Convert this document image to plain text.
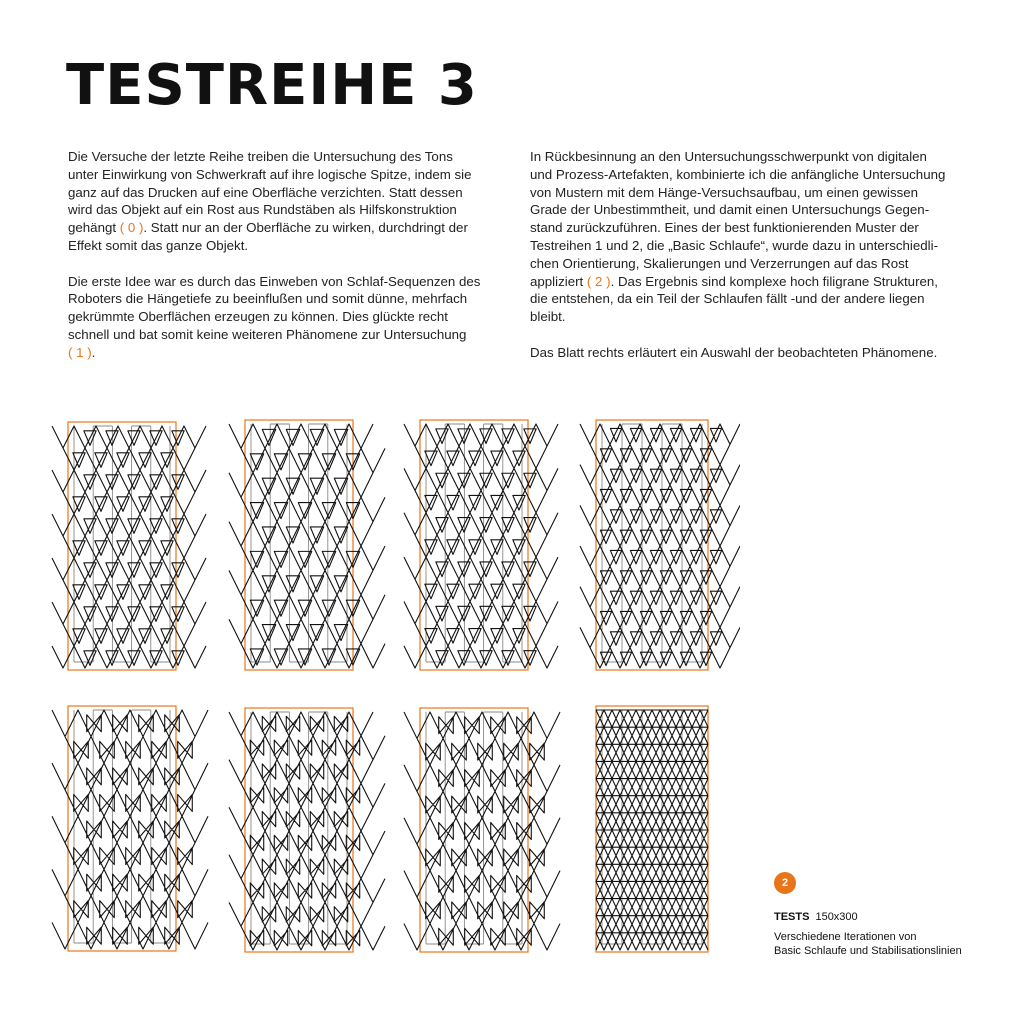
TESTREIHE 3

Die Versuche der letzte Reihe treiben die Untersuchung des Tons
unter Einwirkung von Schwerkraft auf ihre logische Spitze, indem sie
ganz auf das Drucken auf eine Oberfläche verzichten. Statt dessen
wird das Objekt auf ein Rost aus Rundstäben als Hilfskonstruktion
gehängt ( 0 ). Statt nur an der Oberfläche zu wirken, durchdringt der
Effekt somit das ganze Objekt.

Die erste Idee war es durch das Einweben von Schlaf-Sequenzen des
Roboters die Hängetiefe zu beeinflußen und somit dünne, mehrfach
gekrümmte Oberflächen erzeugen zu können. Dies glückte recht
schnell und bat somit keine weiteren Phänomene zur Untersuchung
( 1 ).

In Rückbesinnung an den Untersuchungsschwerpunkt von digitalen
und Prozess-Artefakten, kombinierte ich die anfängliche Untersuchung
von Mustern mit dem Hänge-Versuchsaufbau, um einen gewissen
Grade der Unbestimmtheit, und damit einen Untersuchungs Gegen-
stand zurückzuführen. Eines der best funktionierenden Muster der
Testreihen 1 und 2, die „Basic Schlaufe“, wurde dazu in unterschiedli-
chen Orientierung, Skalierungen und Verzerrungen auf das Rost
appliziert ( 2 ). Das Ergebnis sind komplexe hoch filigrane Strukturen,
die entstehen, da ein Teil der Schlaufen fällt -und der andere liegen
bleibt.

Das Blatt rechts erläutert ein Auswahl der beobachteten Phänomene.

2
TESTS 150x300
Verschiedene Iterationen von
Basic Schlaufe und Stabilisationslinien
